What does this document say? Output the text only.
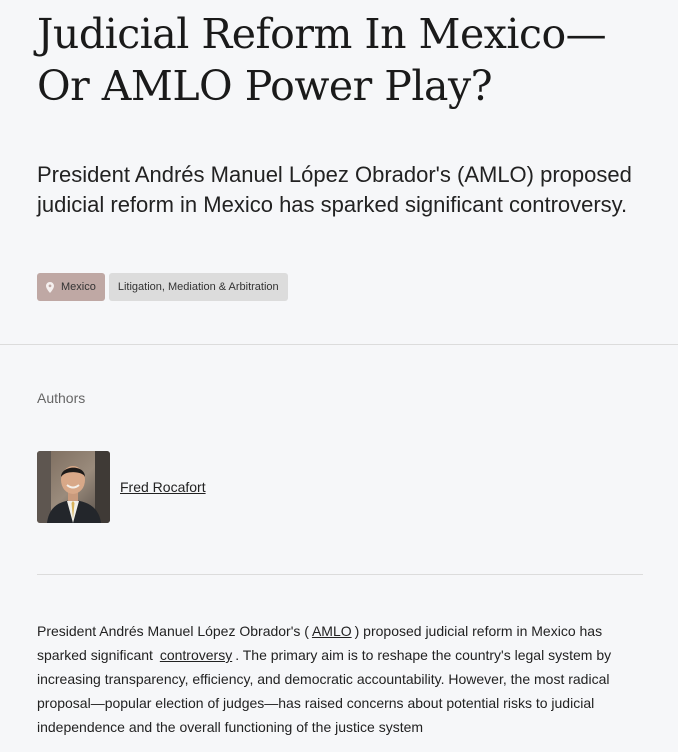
Judicial Reform In Mexico—Or AMLO Power Play?

President Andrés Manuel López Obrador's (AMLO) proposed judicial reform in Mexico has sparked significant controversy.

Mexico Litigation, Mediation & Arbitration

Authors

Fred Rocafort

President Andrés Manuel López Obrador's ( AMLO ) proposed judicial reform in Mexico has sparked significant controversy . The primary aim is to reshape the country's legal system by increasing transparency, efficiency, and democratic accountability. However, the most radical proposal—popular election of judges—has raised concerns about potential risks to judicial independence and the overall functioning of the justice system
